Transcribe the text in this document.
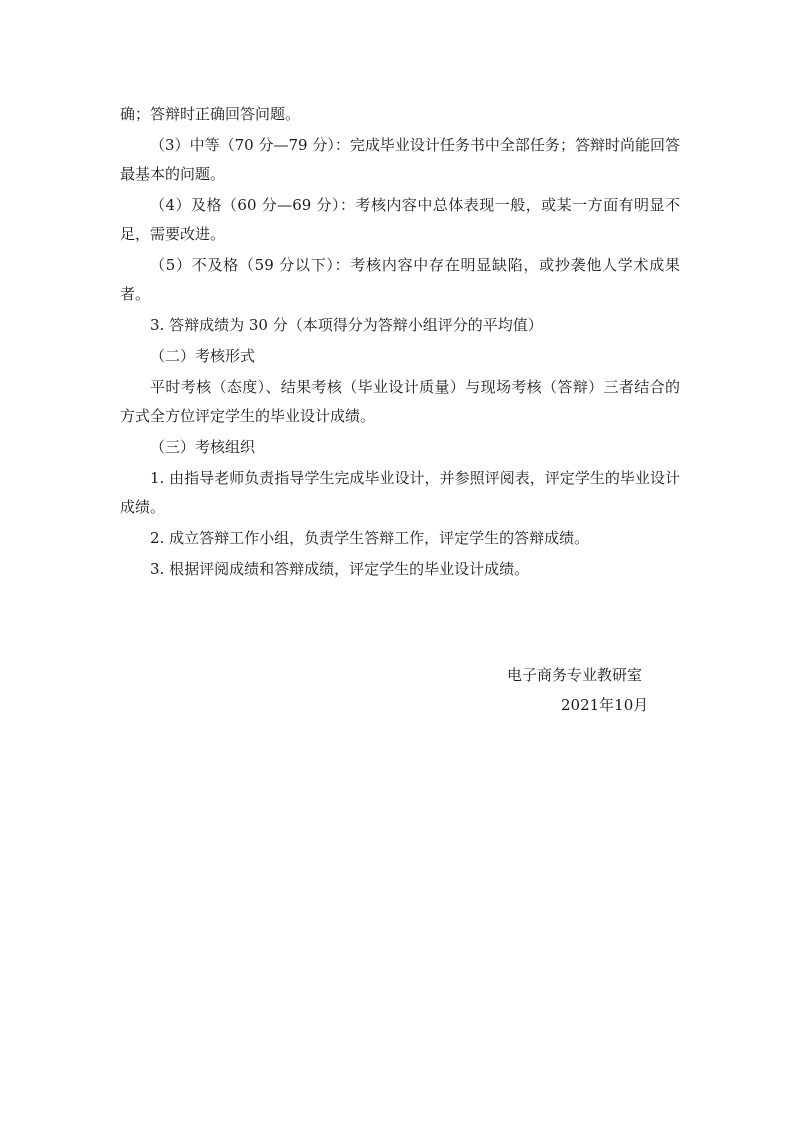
确；答辩时正确回答问题。

（3）中等（70 分—79 分）：完成毕业设计任务书中全部任务；答辩时尚能回答最基本的问题。

（4）及格（60 分—69 分）：考核内容中总体表现一般，或某一方面有明显不足，需要改进。

（5）不及格（59 分以下）：考核内容中存在明显缺陷，或抄袭他人学术成果者。

3. 答辩成绩为 30 分（本项得分为答辩小组评分的平均值）

（二）考核形式

平时考核（态度）、结果考核（毕业设计质量）与现场考核（答辩）三者结合的方式全方位评定学生的毕业设计成绩。

（三）考核组织

1. 由指导老师负责指导学生完成毕业设计，并参照评阅表，评定学生的毕业设计成绩。

2. 成立答辩工作小组，负责学生答辩工作，评定学生的答辩成绩。

3. 根据评阅成绩和答辩成绩，评定学生的毕业设计成绩。

电子商务专业教研室
2021年10月
